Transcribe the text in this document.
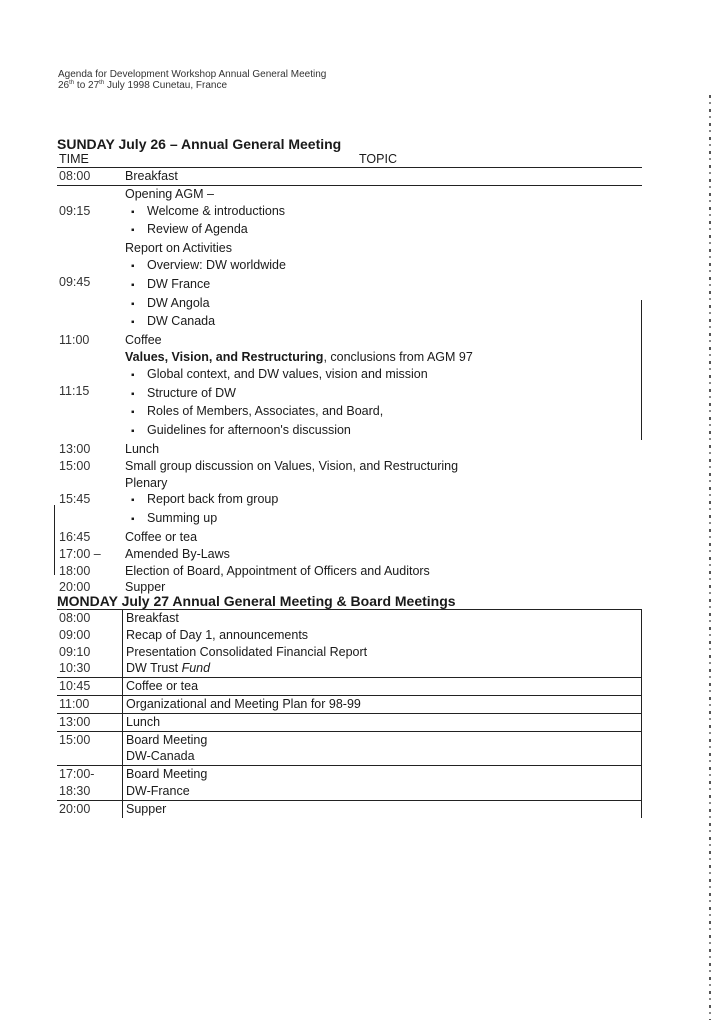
Agenda for Development Workshop Annual General Meeting
26th to 27th July 1998 Cunetau, France
SUNDAY July 26 – Annual General Meeting
TIME	TOPIC
08:00	Breakfast

09:15	Opening AGM –
▪ Welcome & introductions
▪ Review of Agenda

09:45	Report on Activities
▪ Overview: DW worldwide
▪ DW France
▪ DW Angola
▪ DW Canada

11:00	Coffee

11:15	Values, Vision, and Restructuring, conclusions from AGM 97
▪ Global context, and DW values, vision and mission
▪ Structure of DW
▪ Roles of Members, Associates, and Board,
▪ Guidelines for afternoon's discussion

13:00	Lunch

15:00	Small group discussion on Values, Vision, and Restructuring

15:45	Plenary
▪ Report back from group
▪ Summing up

16:45	Coffee or tea

17:00 –	Amended By-Laws

18:00	Election of Board, Appointment of Officers and Auditors

20:00	Supper
MONDAY July 27 Annual General Meeting & Board Meetings
08:00	Breakfast
09:00	Recap of Day 1, announcements
09:10	Presentation Consolidated Financial Report
10:30	DW Trust Fund
10:45	Coffee or tea
11:00	Organizational and Meeting Plan for 98-99
13:00	Lunch
15:00	Board Meeting
	DW-Canada
17:00-	Board Meeting
18:30	DW-France
20:00	Supper
